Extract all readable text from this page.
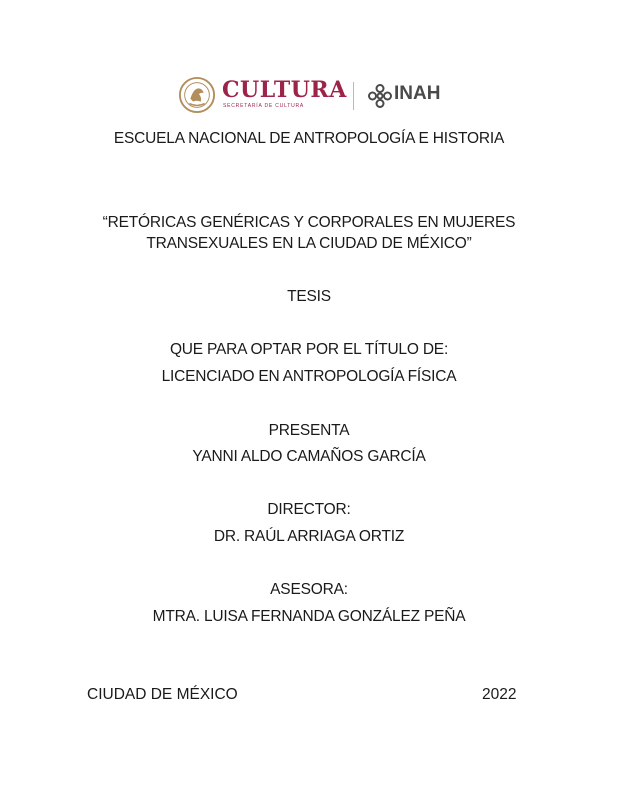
CULTURA
SECRETARÍA DE CULTURA
INAH
ESCUELA NACIONAL DE ANTROPOLOGÍA E HISTORIA
“RETÓRICAS GENÉRICAS Y CORPORALES EN MUJERES
TRANSEXUALES EN LA CIUDAD DE MÉXICO”
TESIS
QUE PARA OPTAR POR EL TÍTULO DE:
LICENCIADO EN ANTROPOLOGÍA FÍSICA
PRESENTA
YANNI ALDO CAMAÑOS GARCÍA
DIRECTOR:
DR. RAÚL ARRIAGA ORTIZ
ASESORA:
MTRA. LUISA FERNANDA GONZÁLEZ PEÑA
CIUDAD DE MÉXICO	2022
